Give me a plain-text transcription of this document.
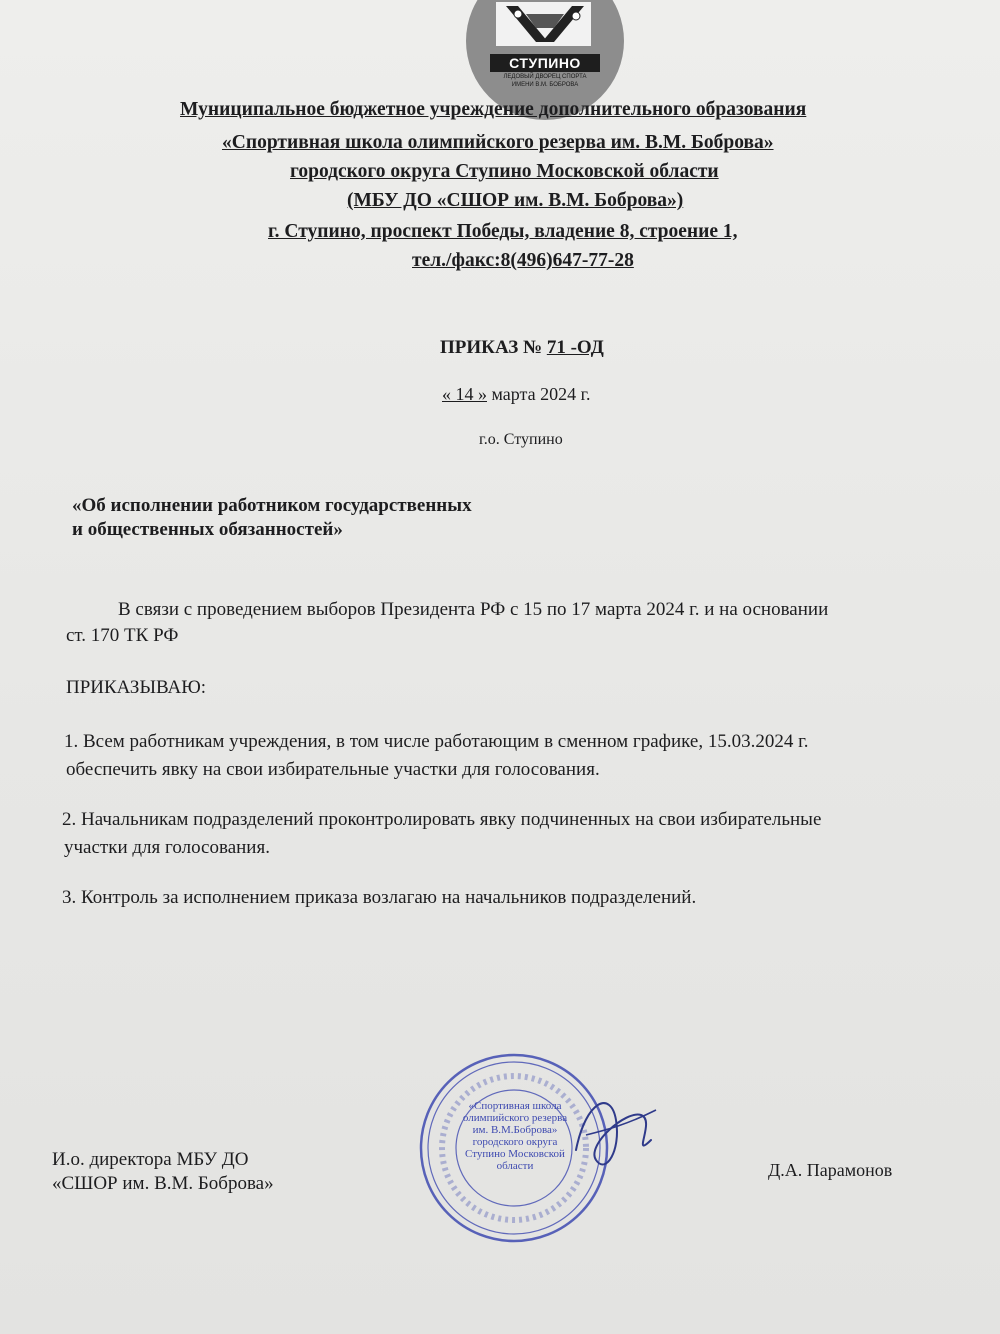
СТУПИНО
ЛЕДОВЫЙ ДВОРЕЦ СПОРТА
ИМЕНИ В.М. БОБРОВА
Муниципальное бюджетное учреждение дополнительного образования
«Спортивная школа олимпийского резерва им. В.М. Боброва»
городского округа Ступино Московской области
(МБУ ДО «СШОР им. В.М. Боброва»)
г. Ступино, проспект Победы, владение 8, строение 1,
тел./факс:8(496)647-77-28
ПРИКАЗ № 71 -ОД
« 14 » марта 2024 г.
г.о. Ступино
«Об исполнении работником государственных
и общественных обязанностей»
В связи с проведением выборов Президента РФ с 15 по 17 марта 2024 г. и на основании
ст. 170 ТК РФ
ПРИКАЗЫВАЮ:
1. Всем работникам учреждения, в том числе работающим в сменном графике, 15.03.2024 г.
обеспечить явку на свои избирательные участки для голосования.
2. Начальникам подразделений проконтролировать явку подчиненных на свои избирательные
участки для голосования.
3. Контроль за исполнением приказа возлагаю на начальников подразделений.
И.о. директора МБУ ДО
«СШОР им. В.М. Боброва»
«Спортивная школа олимпийского резерва им. В.М.Боброва» городского округа Ступино Московской области	Д.А. Парамонов
